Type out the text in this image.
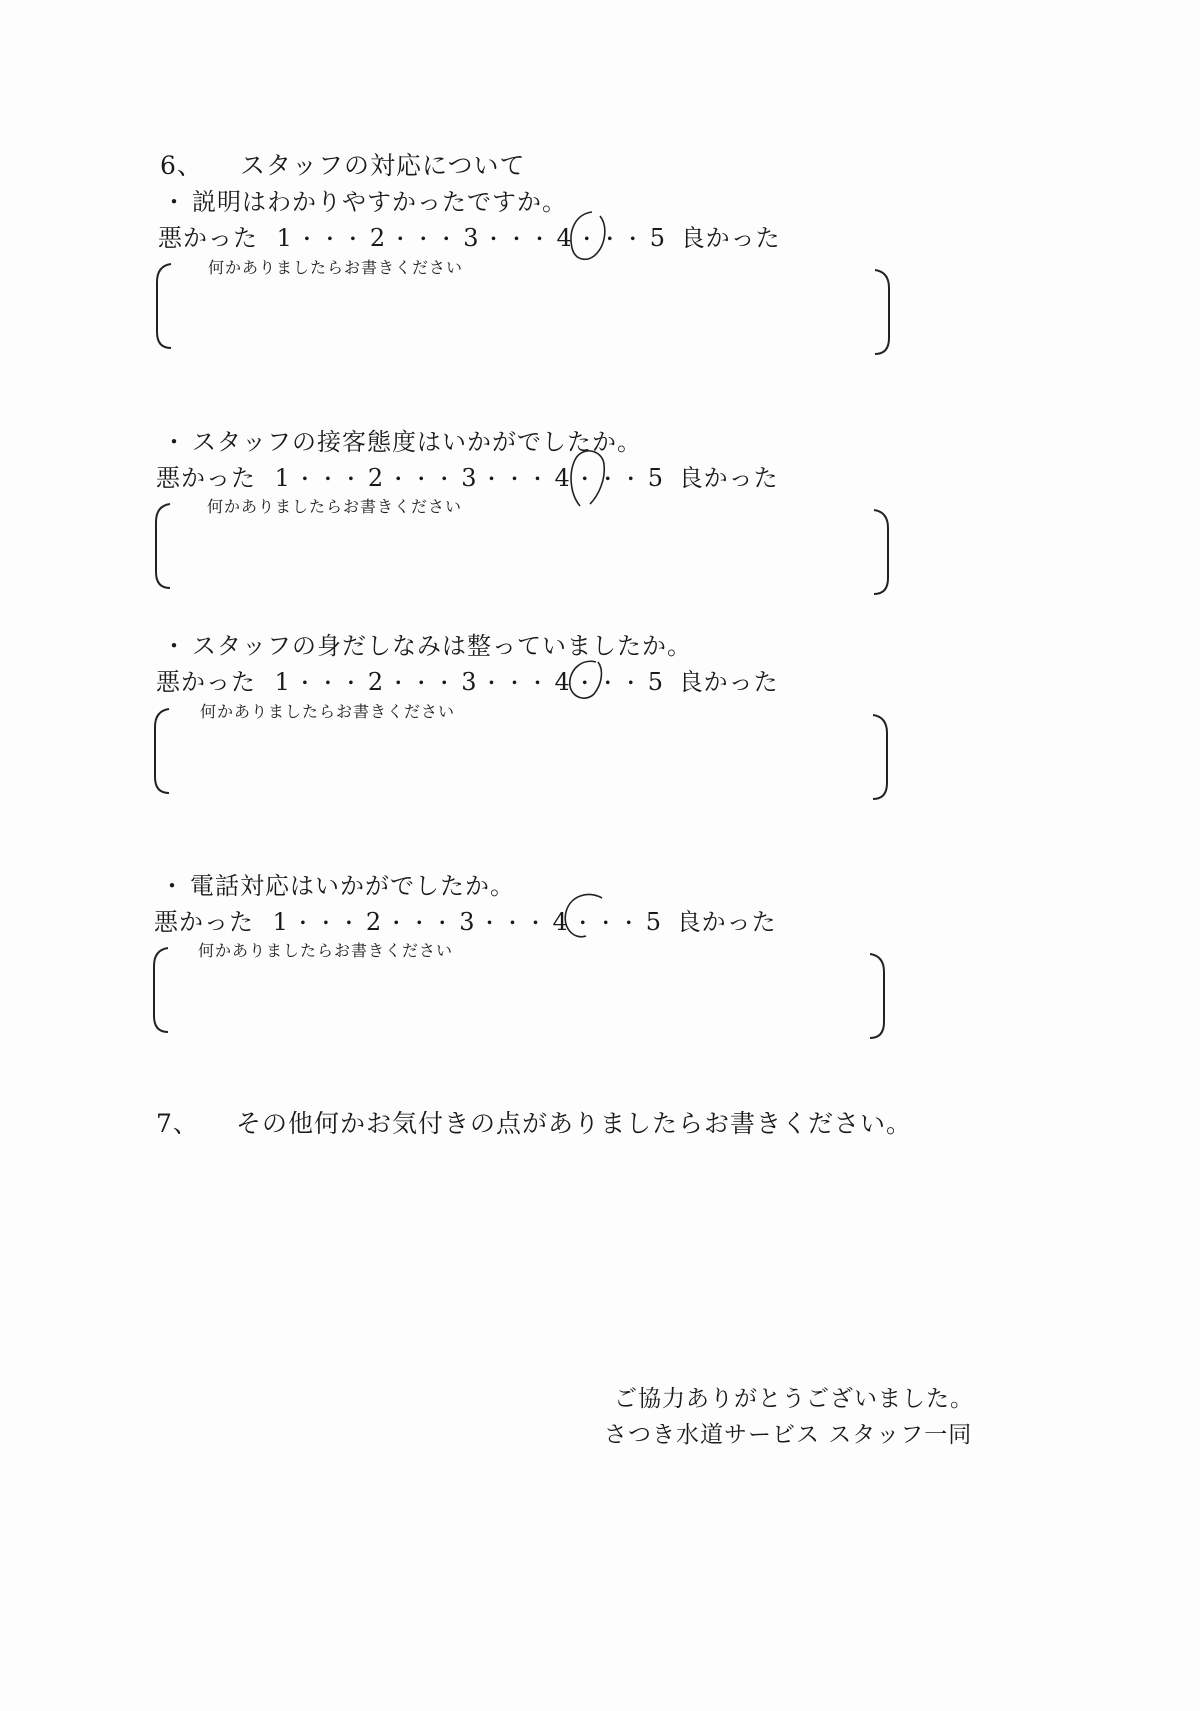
6、 スタッフの対応について
・ 説明はわかりやすかったですか。
悪かった 1 ・・・ 2 ・・・ 3 ・・・ 4 ・・・ 5 良かった
何かありましたらお書きください
・ スタッフの接客態度はいかがでしたか。
悪かった 1 ・・・ 2 ・・・ 3 ・・・ 4 ・・・ 5 良かった
何かありましたらお書きください
・ スタッフの身だしなみは整っていましたか。
悪かった 1 ・・・ 2 ・・・ 3 ・・・ 4 ・・・ 5 良かった
何かありましたらお書きください
・ 電話対応はいかがでしたか。
悪かった 1 ・・・ 2 ・・・ 3 ・・・ 4 ・・・ 5 良かった
何かありましたらお書きください
7、 その他何かお気付きの点がありましたらお書きください。
ご協力ありがとうございました。
さつき水道サービス スタッフ一同
